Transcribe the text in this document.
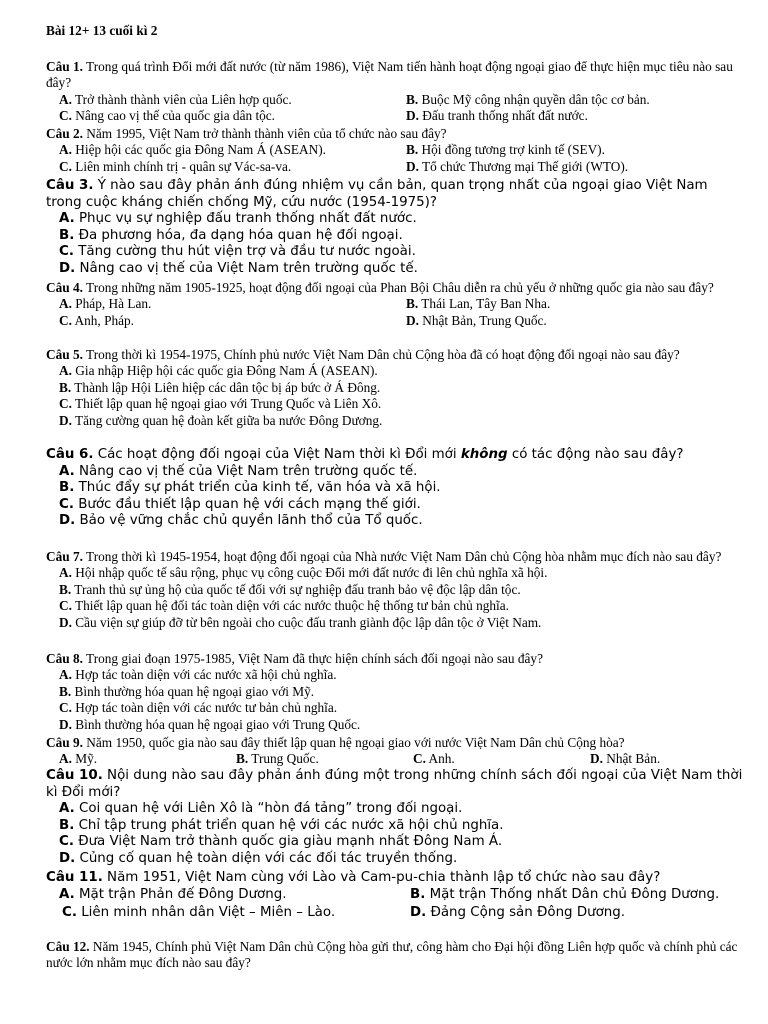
Bài 12+ 13 cuối kì 2
Câu 1. Trong quá trình Đổi mới đất nước (từ năm 1986), Việt Nam tiến hành hoạt động ngoại giao để thực hiện mục tiêu nào sau đây?
A. Trở thành thành viên của Liên hợp quốc.	B. Buộc Mỹ công nhận quyền dân tộc cơ bản.
C. Nâng cao vị thế của quốc gia dân tộc.	D. Đấu tranh thống nhất đất nước.
Câu 2. Năm 1995, Việt Nam trở thành thành viên của tổ chức nào sau đây?
A. Hiệp hội các quốc gia Đông Nam Á (ASEAN).	B. Hội đồng tương trợ kinh tế (SEV).
C. Liên minh chính trị - quân sự Vác-sa-va.	D. Tổ chức Thương mại Thế giới (WTO).
Câu 3. Ý nào sau đây phản ánh đúng nhiệm vụ cần bản, quan trọng nhất của ngoại giao Việt Nam trong cuộc kháng chiến chống Mỹ, cứu nước (1954-1975)?
A. Phục vụ sự nghiệp đấu tranh thống nhất đất nước.
B. Đa phương hóa, đa dạng hóa quan hệ đối ngoại.
C. Tăng cường thu hút viện trợ và đầu tư nước ngoài.
D. Nâng cao vị thế của Việt Nam trên trường quốc tế.
Câu 4. Trong những năm 1905-1925, hoạt động đối ngoại của Phan Bội Châu diễn ra chủ yếu ở những quốc gia nào sau đây?
A. Pháp, Hà Lan.	B. Thái Lan, Tây Ban Nha.
C. Anh, Pháp.	D. Nhật Bản, Trung Quốc.
Câu 5. Trong thời kì 1954-1975, Chính phủ nước Việt Nam Dân chủ Cộng hòa đã có hoạt động đối ngoại nào sau đây?
A. Gia nhập Hiệp hội các quốc gia Đông Nam Á (ASEAN).
B. Thành lập Hội Liên hiệp các dân tộc bị áp bức ở Á Đông.
C. Thiết lập quan hệ ngoại giao với Trung Quốc và Liên Xô.
D. Tăng cường quan hệ đoàn kết giữa ba nước Đông Dương.
Câu 6. Các hoạt động đối ngoại của Việt Nam thời kì Đổi mới không có tác động nào sau đây?
A. Nâng cao vị thế của Việt Nam trên trường quốc tế.
B. Thúc đẩy sự phát triển của kinh tế, văn hóa và xã hội.
C. Bước đầu thiết lập quan hệ với cách mạng thế giới.
D. Bảo vệ vững chắc chủ quyền lãnh thổ của Tổ quốc.
Câu 7. Trong thời kì 1945-1954, hoạt động đối ngoại của Nhà nước Việt Nam Dân chủ Cộng hòa nhằm mục đích nào sau đây?
A. Hội nhập quốc tế sâu rộng, phục vụ công cuộc Đổi mới đất nước đi lên chủ nghĩa xã hội.
B. Tranh thủ sự ủng hộ của quốc tế đối với sự nghiệp đấu tranh bảo vệ độc lập dân tộc.
C. Thiết lập quan hệ đối tác toàn diện với các nước thuộc hệ thống tư bản chủ nghĩa.
D. Cầu viện sự giúp đỡ từ bên ngoài cho cuộc đấu tranh giành độc lập dân tộc ở Việt Nam.
Câu 8. Trong giai đoạn 1975-1985, Việt Nam đã thực hiện chính sách đối ngoại nào sau đây?
A. Hợp tác toàn diện với các nước xã hội chủ nghĩa.
B. Bình thường hóa quan hệ ngoại giao với Mỹ.
C. Hợp tác toàn diện với các nước tư bản chủ nghĩa.
D. Bình thường hóa quan hệ ngoại giao với Trung Quốc.
Câu 9. Năm 1950, quốc gia nào sau đây thiết lập quan hệ ngoại giao với nước Việt Nam Dân chủ Cộng hòa?
A. Mỹ.	B. Trung Quốc.	C. Anh.	D. Nhật Bản.
Câu 10. Nội dung nào sau đây phản ánh đúng một trong những chính sách đối ngoại của Việt Nam thời kì Đổi mới?
A. Coi quan hệ với Liên Xô là “hòn đá tảng” trong đối ngoại.
B. Chỉ tập trung phát triển quan hệ với các nước xã hội chủ nghĩa.
C. Đưa Việt Nam trở thành quốc gia giàu mạnh nhất Đông Nam Á.
D. Củng cố quan hệ toàn diện với các đối tác truyền thống.
Câu 11. Năm 1951, Việt Nam cùng với Lào và Cam-pu-chia thành lập tổ chức nào sau đây?
A. Mặt trận Phản đế Đông Dương.	B. Mặt trận Thống nhất Dân chủ Đông Dương.
C. Liên minh nhân dân Việt – Miên – Lào.	D. Đảng Cộng sản Đông Dương.
Câu 12. Năm 1945, Chính phủ Việt Nam Dân chủ Cộng hòa gửi thư, công hàm cho Đại hội đồng Liên hợp quốc và chính phủ các nước lớn nhằm mục đích nào sau đây?
